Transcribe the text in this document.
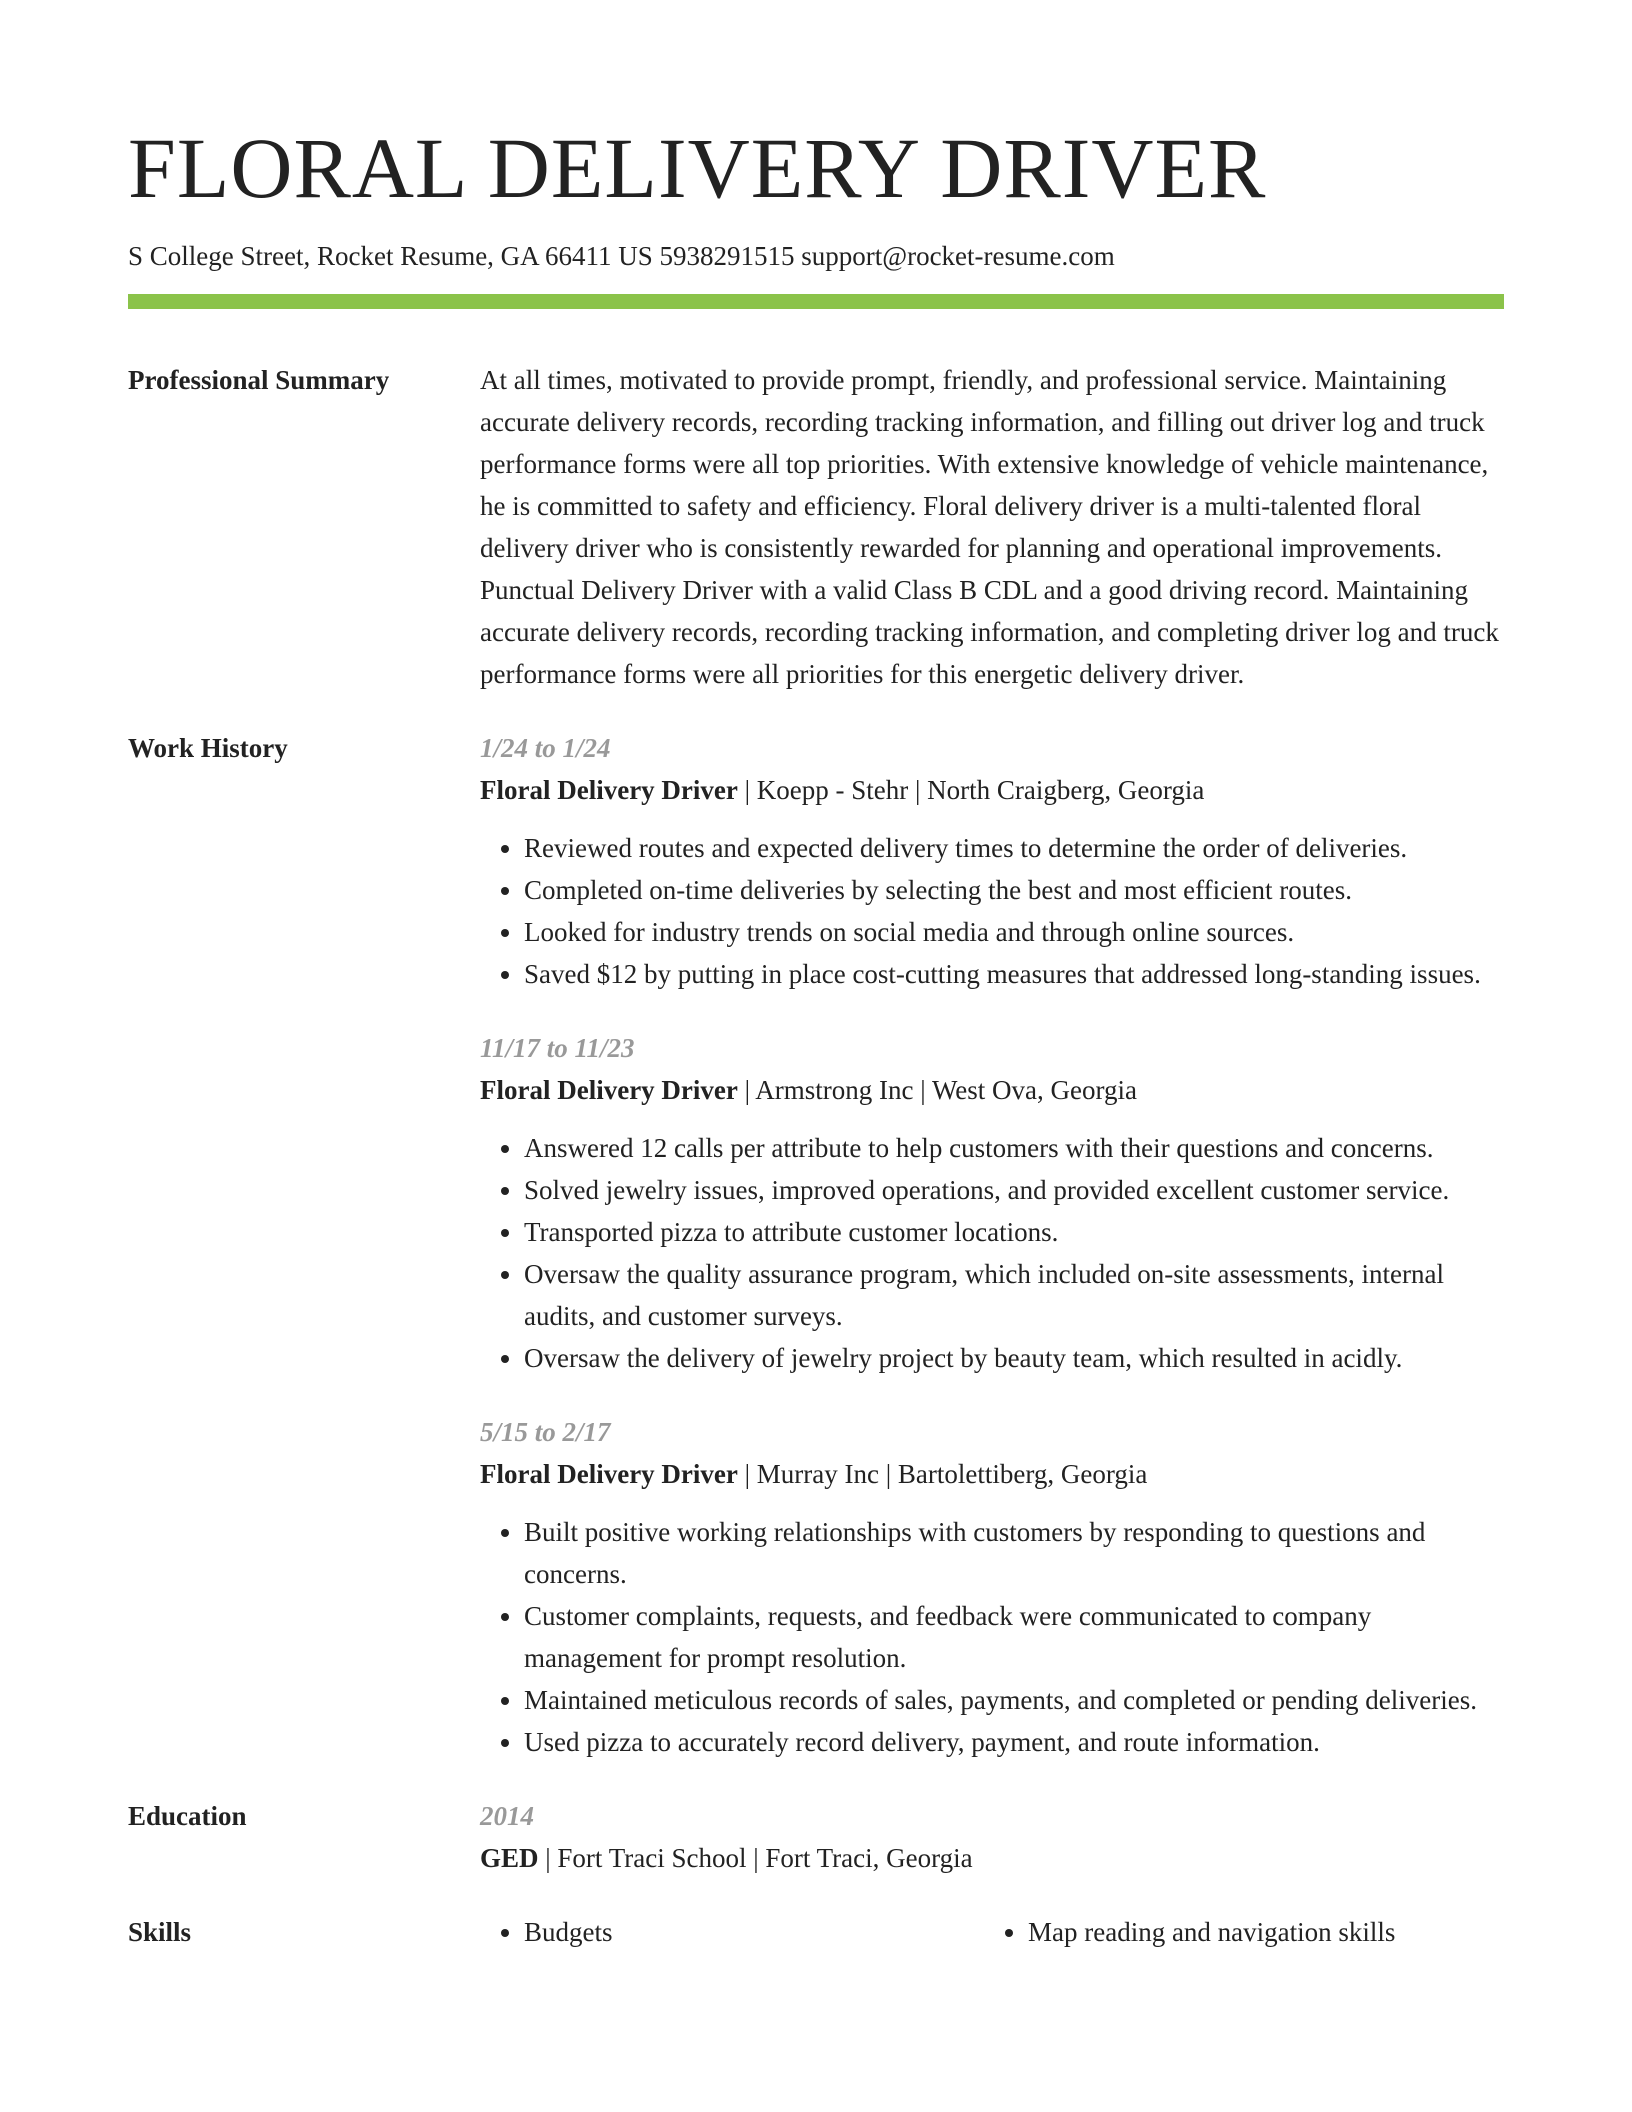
FLORAL DELIVERY DRIVER
S College Street, Rocket Resume, GA 66411 US 5938291515 support@rocket-resume.com
Professional Summary	At all times, motivated to provide prompt, friendly, and professional service. Maintaining accurate delivery records, recording tracking information, and filling out driver log and truck performance forms were all top priorities. With extensive knowledge of vehicle maintenance, he is committed to safety and efficiency. Floral delivery driver is a multi-talented floral delivery driver who is consistently rewarded for planning and operational improvements. Punctual Delivery Driver with a valid Class B CDL and a good driving record. Maintaining accurate delivery records, recording tracking information, and completing driver log and truck performance forms were all priorities for this energetic delivery driver.

Work History	1/24 to 1/24
Floral Delivery Driver | Koepp - Stehr | North Craigberg, Georgia
• Reviewed routes and expected delivery times to determine the order of deliveries.
• Completed on-time deliveries by selecting the best and most efficient routes.
• Looked for industry trends on social media and through online sources.
• Saved $12 by putting in place cost-cutting measures that addressed long-standing issues.
11/17 to 11/23
Floral Delivery Driver | Armstrong Inc | West Ova, Georgia
• Answered 12 calls per attribute to help customers with their questions and concerns.
• Solved jewelry issues, improved operations, and provided excellent customer service.
• Transported pizza to attribute customer locations.
• Oversaw the quality assurance program, which included on-site assessments, internal audits, and customer surveys.
• Oversaw the delivery of jewelry project by beauty team, which resulted in acidly.
5/15 to 2/17
Floral Delivery Driver | Murray Inc | Bartolettiberg, Georgia
• Built positive working relationships with customers by responding to questions and concerns.
• Customer complaints, requests, and feedback were communicated to company management for prompt resolution.
• Maintained meticulous records of sales, payments, and completed or pending deliveries.
• Used pizza to accurately record delivery, payment, and route information.
Education	2014
GED | Fort Traci School | Fort Traci, Georgia
Skills	• Budgets	• Map reading and navigation skills
